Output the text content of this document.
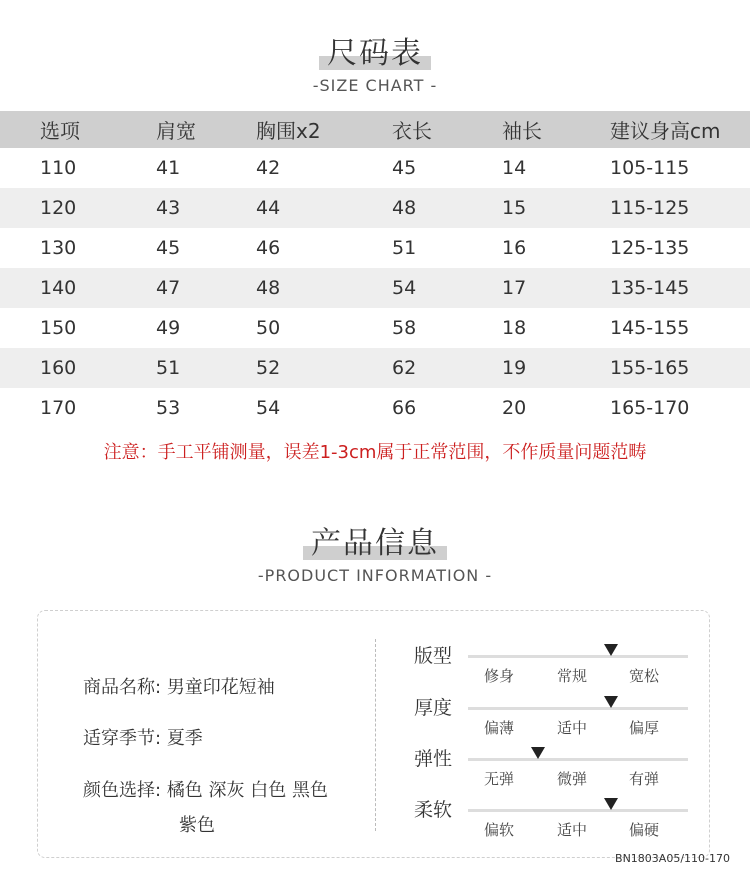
尺码表
-SIZE CHART -
选项	肩宽	胸围x2	衣长	袖长	建议身高cm
110	41	42	45	14	105-115
120	43	44	48	15	115-125
130	45	46	51	16	125-135
140	47	48	54	17	135-145
150	49	50	58	18	145-155
160	51	52	62	19	155-165
170	53	54	66	20	165-170
注意：手工平铺测量，误差1-3cm属于正常范围，不作质量问题范畴
产品信息
-PRODUCT INFORMATION -
商品名称: 男童印花短袖
适穿季节: 夏季
颜色选择: 橘色 深灰 白色 黑色
紫色
版型
修身	常规	宽松
厚度
偏薄	适中	偏厚
弹性
无弹	微弹	有弹
柔软
偏软	适中	偏硬
BN1803A05/110-170
